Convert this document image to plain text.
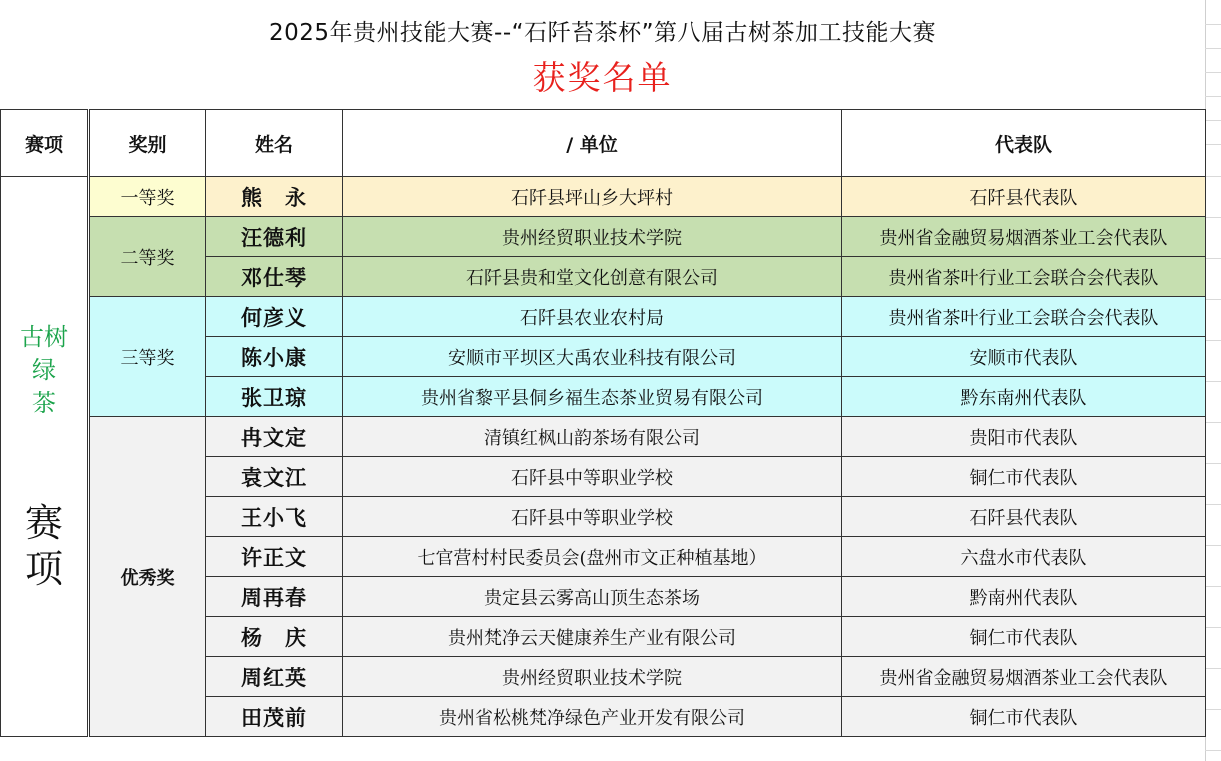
2025年贵州技能大赛--“石阡苔茶杯”第八届古树茶加工技能大赛
获奖名单
赛项	奖别	姓名	/ 单位	代表队

古树
绿
茶
赛
项	一等奖	熊　永	石阡县坪山乡大坪村	石阡县代表队
	二等奖	汪德利	贵州经贸职业技术学院	贵州省金融贸易烟酒茶业工会代表队
		邓仕琴	石阡县贵和堂文化创意有限公司	贵州省茶叶行业工会联合会代表队
	三等奖	何彦义	石阡县农业农村局	贵州省茶叶行业工会联合会代表队
		陈小康	安顺市平坝区大禹农业科技有限公司	安顺市代表队
		张卫琼	贵州省黎平县侗乡福生态茶业贸易有限公司	黔东南州代表队
	优秀奖	冉文定	清镇红枫山韵茶场有限公司	贵阳市代表队
		袁文江	石阡县中等职业学校	铜仁市代表队
		王小飞	石阡县中等职业学校	石阡县代表队
		许正文	七官营村村民委员会(盘州市文正种植基地）	六盘水市代表队
		周再春	贵定县云雾高山顶生态茶场	黔南州代表队
		杨　庆	贵州梵净云天健康养生产业有限公司	铜仁市代表队
		周红英	贵州经贸职业技术学院	贵州省金融贸易烟酒茶业工会代表队
		田茂前	贵州省松桃梵净绿色产业开发有限公司	铜仁市代表队
